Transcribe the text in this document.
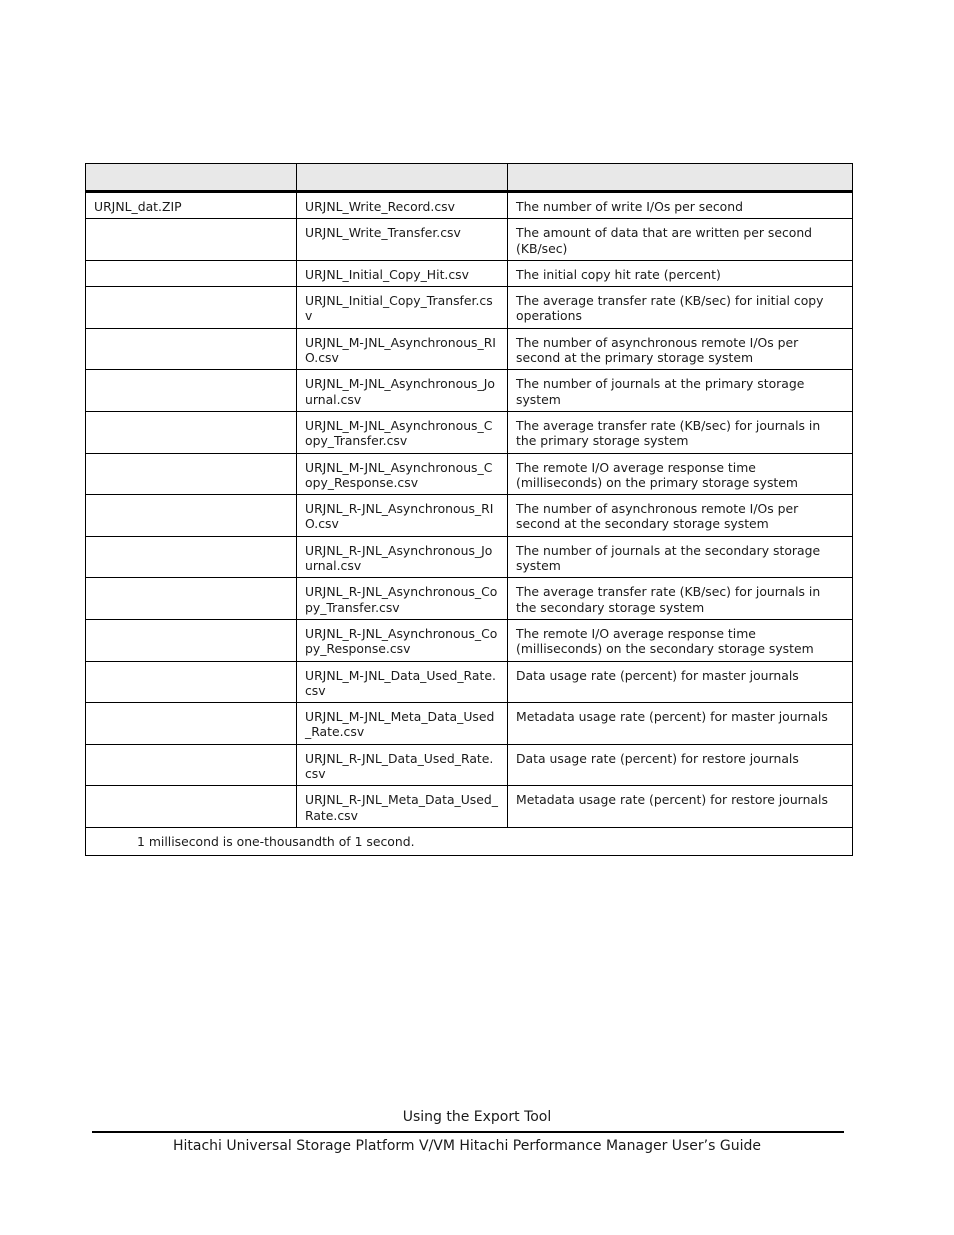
URJNL_dat.ZIP	URJNL_Write_Record.csv	The number of write I/Os per second
	URJNL_Write_Transfer.csv	The amount of data that are written per second (KB/sec)
	URJNL_Initial_Copy_Hit.csv	The initial copy hit rate (percent)
	URJNL_Initial_Copy_Transfer.csv	The average transfer rate (KB/sec) for initial copy operations
	URJNL_M-JNL_Asynchronous_RIO.csv	The number of asynchronous remote I/Os per second at the primary storage system
	URJNL_M-JNL_Asynchronous_Journal.csv	The number of journals at the primary storage system
	URJNL_M-JNL_Asynchronous_Copy_Transfer.csv	The average transfer rate (KB/sec) for journals in the primary storage system
	URJNL_M-JNL_Asynchronous_Copy_Response.csv	The remote I/O average response time (milliseconds) on the primary storage system
	URJNL_R-JNL_Asynchronous_RIO.csv	The number of asynchronous remote I/Os per second at the secondary storage system
	URJNL_R-JNL_Asynchronous_Journal.csv	The number of journals at the secondary storage system
	URJNL_R-JNL_Asynchronous_Copy_Transfer.csv	The average transfer rate (KB/sec) for journals in the secondary storage system
	URJNL_R-JNL_Asynchronous_Copy_Response.csv	The remote I/O average response time (milliseconds) on the secondary storage system
	URJNL_M-JNL_Data_Used_Rate.csv	Data usage rate (percent) for master journals
	URJNL_M-JNL_Meta_Data_Used_Rate.csv	Metadata usage rate (percent) for master journals
	URJNL_R-JNL_Data_Used_Rate.csv	Data usage rate (percent) for restore journals
	URJNL_R-JNL_Meta_Data_Used_Rate.csv	Metadata usage rate (percent) for restore journals
1 millisecond is one-thousandth of 1 second.		
Using the Export Tool
Hitachi Universal Storage Platform V/VM Hitachi Performance Manager User’s Guide
